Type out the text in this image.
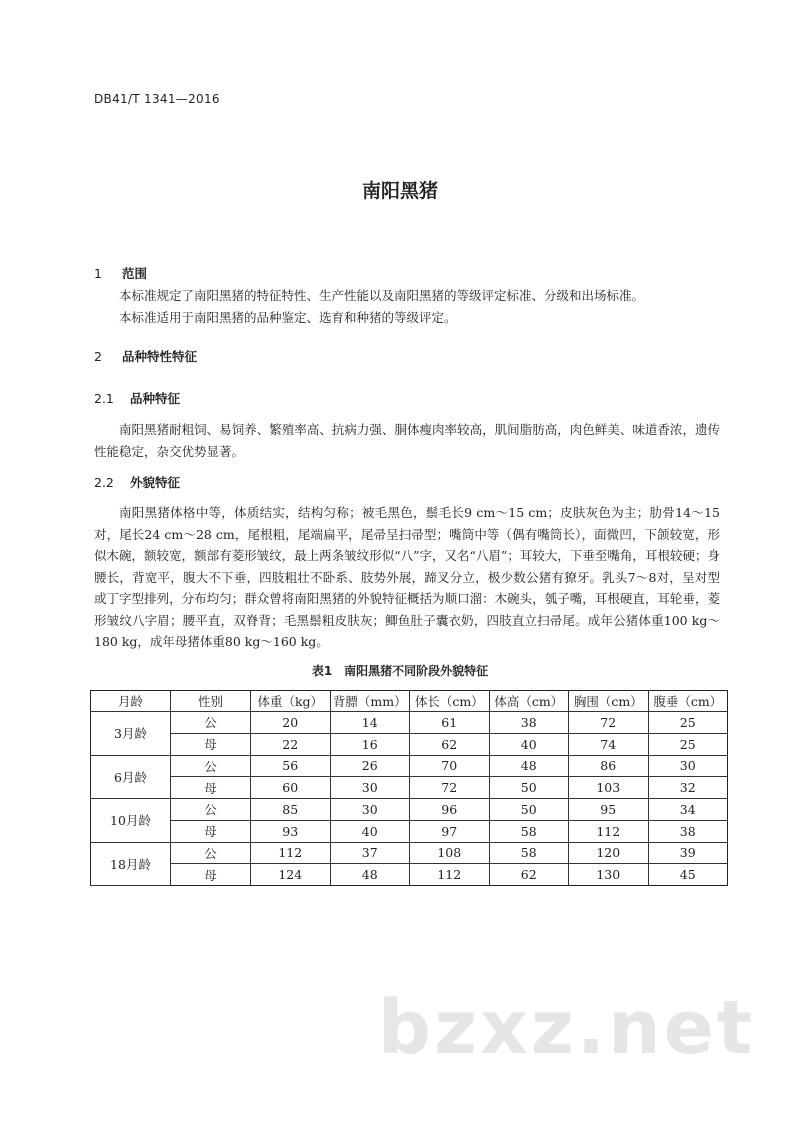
DB41/T 1341—2016
南阳黑猪
1 范围

本标准规定了南阳黑猪的特征特性、生产性能以及南阳黑猪的等级评定标准、分级和出场标准。

本标准适用于南阳黑猪的品种鉴定、选育和种猪的等级评定。

2 品种特性特征
2.1 品种特征

南阳黑猪耐粗饲、易饲养、繁殖率高、抗病力强、胴体瘦肉率较高，肌间脂肪高，肉色鲜美、味道香浓，遗传性能稳定，杂交优势显著。

2.2 外貌特征

南阳黑猪体格中等，体质结实，结构匀称；被毛黑色，鬃毛长9 cm～15 cm；皮肤灰色为主；肋骨14～15对，尾长24 cm～28 cm，尾根粗，尾端扁平，尾帚呈扫帚型；嘴筒中等（偶有嘴筒长），面微凹，下颌较宽，形似木碗，额较宽，额部有菱形皱纹，最上两条皱纹形似“八”字，又名“八眉”；耳较大，下垂至嘴角，耳根较硬；身腰长，背宽平，腹大不下垂，四肢粗壮不卧系、肢势外展，蹄叉分立，极少数公猪有獠牙。乳头7～8对，呈对型或丁字型排列，分布均匀；群众曾将南阳黑猪的外貌特征概括为顺口溜：木碗头，瓠子嘴，耳根硬直，耳轮垂，菱形皱纹八字眉；腰平直，双脊背；毛黑鬃粗皮肤灰；鲫鱼肚子囊衣奶，四肢直立扫帚尾。成年公猪体重100 kg～180 kg，成年母猪体重80 kg～160 kg。

表1　南阳黑猪不同阶段外貌特征
月龄	性别	体重（kg）	背膘（mm）	体长（cm）	体高（cm）	胸围（cm）	腹垂（cm）
3月龄	公	20	14	61	38	72	25
	母	22	16	62	40	74	25
6月龄	公	56	26	70	48	86	30
	母	60	30	72	50	103	32
10月龄	公	85	30	96	50	95	34
	母	93	40	97	58	112	38
18月龄	公	112	37	108	58	120	39
	母	124	48	112	62	130	45
bzxz.net
